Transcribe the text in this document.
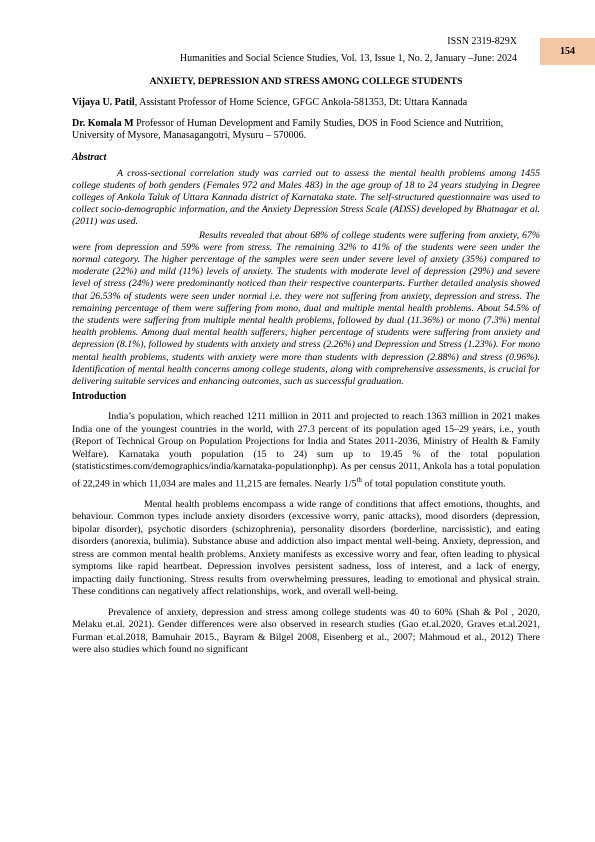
154
ISSN 2319-829X
Humanities and Social Science Studies, Vol. 13, Issue 1, No. 2, January –June: 2024
ANXIETY, DEPRESSION AND STRESS AMONG COLLEGE STUDENTS
Vijaya U. Patil, Assistant Professor of Home Science, GFGC Ankola-581353, Dt: Uttara Kannada
Dr. Komala M Professor of Human Development and Family Studies, DOS in Food Science and Nutrition, University of Mysore, Manasagangotri, Mysuru – 570006.
Abstract

A cross-sectional correlation study was carried out to assess the mental health problems among 1455 college students of both genders (Females 972 and Males 483) in the age group of 18 to 24 years studying in Degree colleges of Ankola Taluk of Uttara Kannada district of Karnataka state. The self-structured questionnaire was used to collect socio-demographic information, and the Anxiety Depression Stress Scale (ADSS) developed by Bhatnagar et al. (2011) was used.

Results revealed that about 68% of college students were suffering from anxiety, 67% were from depression and 59% were from stress. The remaining 32% to 41% of the students were seen under the normal category. The higher percentage of the samples were seen under severe level of anxiety (35%) compared to moderate (22%) and mild (11%) levels of anxiety. The students with moderate level of depression (29%) and severe level of stress (24%) were predominantly noticed than their respective counterparts. Further detailed analysis showed that 26.53% of students were seen under normal i.e. they were not suffering from anxiety, depression and stress. The remaining percentage of them were suffering from mono, dual and multiple mental health problems. About 54.5% of the students were suffering from multiple mental health problems, followed by dual (11.36%) or mono (7.3%) mental health problems. Among dual mental health sufferers, higher percentage of students were suffering from anxiety and depression (8.1%), followed by students with anxiety and stress (2.26%) and Depression and Stress (1.23%). For mono mental health problems, students with anxiety were more than students with depression (2.88%) and stress (0.96%). Identification of mental health concerns among college students, along with comprehensive assessments, is crucial for delivering suitable services and enhancing outcomes, such as successful graduation.

Introduction

India’s population, which reached 1211 million in 2011 and projected to reach 1363 million in 2021 makes India one of the youngest countries in the world, with 27.3 percent of its population aged 15–29 years, i.e., youth (Report of Technical Group on Population Projections for India and States 2011-2036, Ministry of Health & Family Welfare). Karnataka youth population (15 to 24) sum up to 19.45 % of the total population (statisticstimes.com/demographics/india/karnataka-populationphp). As per census 2011, Ankola has a total population of 22,249 in which 11,034 are males and 11,215 are females. Nearly 1/5th of total population constitute youth.

Mental health problems encompass a wide range of conditions that affect emotions, thoughts, and behaviour. Common types include anxiety disorders (excessive worry, panic attacks), mood disorders (depression, bipolar disorder), psychotic disorders (schizophrenia), personality disorders (borderline, narcissistic), and eating disorders (anorexia, bulimia). Substance abuse and addiction also impact mental well-being. Anxiety, depression, and stress are common mental health problems. Anxiety manifests as excessive worry and fear, often leading to physical symptoms like rapid heartbeat. Depression involves persistent sadness, loss of interest, and a lack of energy, impacting daily functioning. Stress results from overwhelming pressures, leading to emotional and physical strain. These conditions can negatively affect relationships, work, and overall well-being.

Prevalence of anxiety, depression and stress among college students was 40 to 60% (Shah & Pol , 2020, Melaku et.al. 2021). Gender differences were also observed in research studies (Gao et.al.2020, Graves et.al.2021, Furman et.al.2018, Bamuhair 2015., Bayram & Bilgel 2008, Eisenberg et al., 2007; Mahmoud et al., 2012) There were also studies which found no significant
